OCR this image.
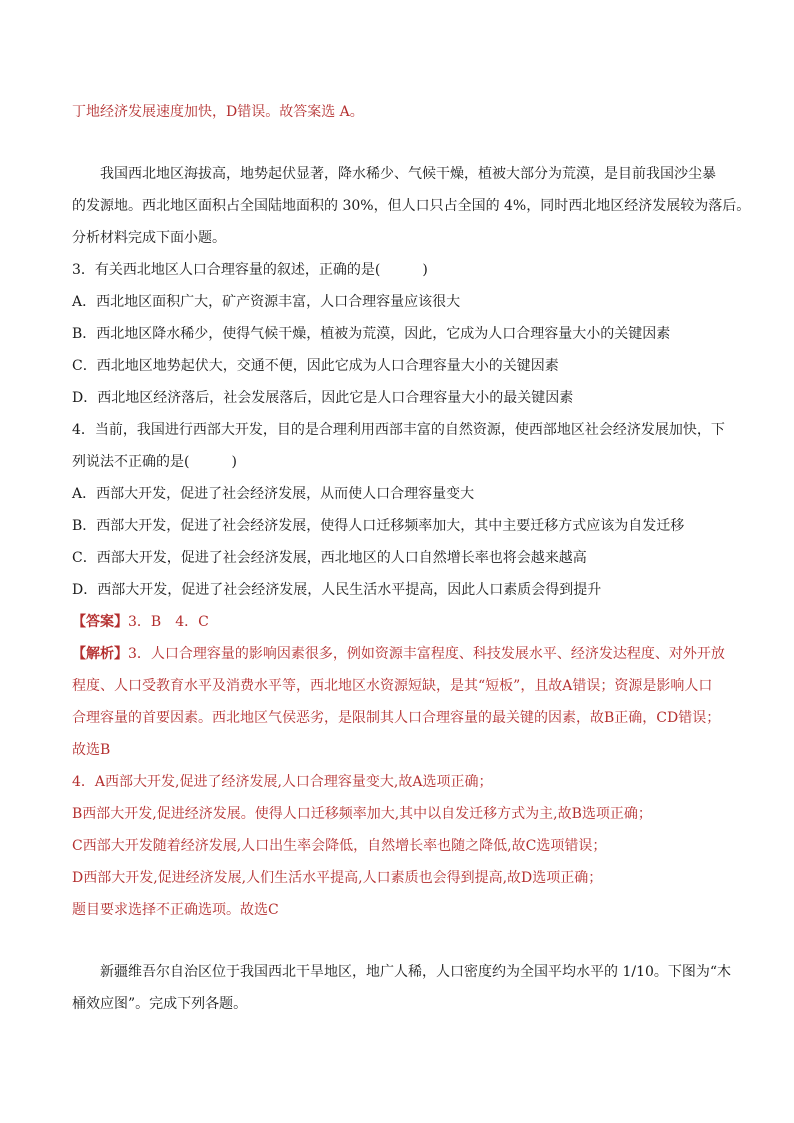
丁地经济发展速度加快，D错误。故答案选 A。
我国西北地区海拔高，地势起伏显著，降水稀少、气候干燥，植被大部分为荒漠，是目前我国沙尘暴
的发源地。西北地区面积占全国陆地面积的 30%，但人口只占全国的 4%，同时西北地区经济发展较为落后。
分析材料完成下面小题。
3．有关西北地区人口合理容量的叙述，正确的是(　　　)
A．西北地区面积广大，矿产资源丰富，人口合理容量应该很大
B．西北地区降水稀少，使得气候干燥，植被为荒漠，因此，它成为人口合理容量大小的关键因素
C．西北地区地势起伏大，交通不便，因此它成为人口合理容量大小的关键因素
D．西北地区经济落后，社会发展落后，因此它是人口合理容量大小的最关键因素
4．当前，我国进行西部大开发，目的是合理利用西部丰富的自然资源，使西部地区社会经济发展加快，下
列说法不正确的是(　　　)
A．西部大开发，促进了社会经济发展，从而使人口合理容量变大
B．西部大开发，促进了社会经济发展，使得人口迁移频率加大，其中主要迁移方式应该为自发迁移
C．西部大开发，促进了社会经济发展，西北地区的人口自然增长率也将会越来越高
D．西部大开发，促进了社会经济发展，人民生活水平提高，因此人口素质会得到提升
【答案】3．B　4．C
【解析】3．人口合理容量的影响因素很多，例如资源丰富程度、科技发展水平、经济发达程度、对外开放
程度、人口受教育水平及消费水平等，西北地区水资源短缺，是其“短板”，且故A错误；资源是影响人口
合理容量的首要因素。西北地区气侯恶劣，是限制其人口合理容量的最关键的因素，故B正确，CD错误；
故选B
4．A西部大开发,促进了经济发展,人口合理容量变大,故A选项正确；
B西部大开发,促进经济发展。使得人口迁移频率加大,其中以自发迁移方式为主,故B选项正确；
C西部大开发随着经济发展,人口出生率会降低，自然增长率也随之降低,故C选项错误；
D西部大开发,促进经济发展,人们生活水平提高,人口素质也会得到提高,故D选项正确；
题目要求选择不正确选项。故选C
新疆维吾尔自治区位于我国西北干旱地区，地广人稀，人口密度约为全国平均水平的 1/10。下图为“木
桶效应图”。完成下列各题。
